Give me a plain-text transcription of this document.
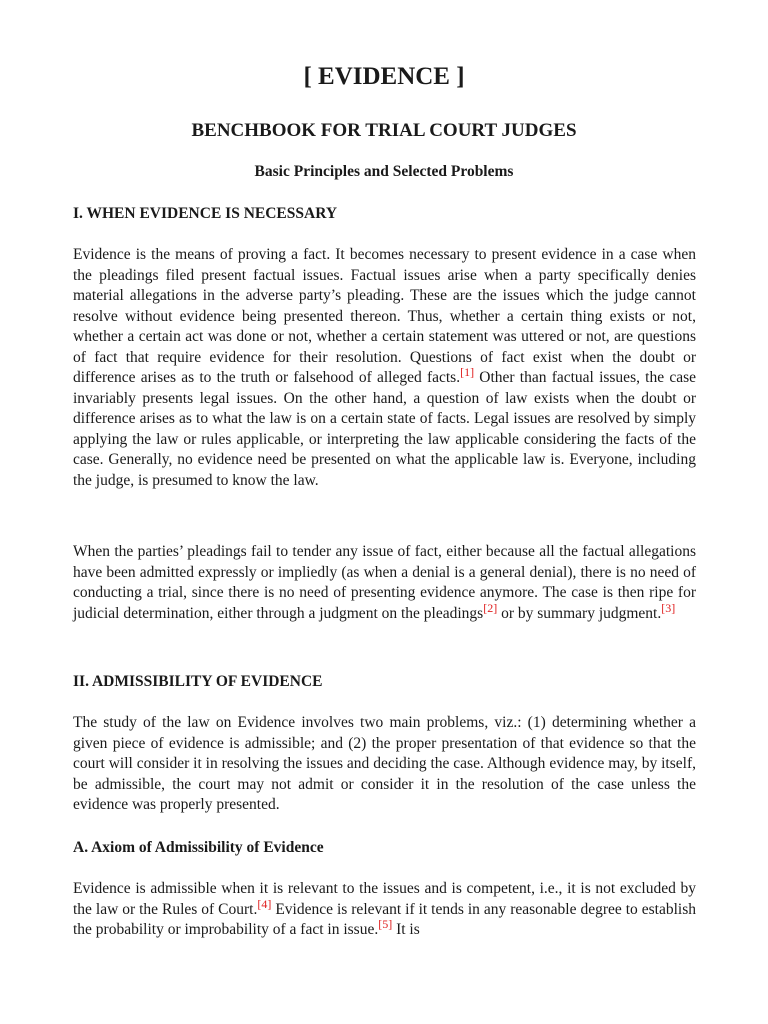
[ EVIDENCE ]
BENCHBOOK FOR TRIAL COURT JUDGES
Basic Principles and Selected Problems
I. WHEN EVIDENCE IS NECESSARY

Evidence is the means of proving a fact. It becomes necessary to present evidence in a case when the pleadings filed present factual issues. Factual issues arise when a party specifically denies material allegations in the adverse party’s pleading. These are the issues which the judge cannot resolve without evidence being presented thereon. Thus, whether a certain thing exists or not, whether a certain act was done or not, whether a certain statement was uttered or not, are questions of fact that require evidence for their resolution. Questions of fact exist when the doubt or difference arises as to the truth or falsehood of alleged facts.[1] Other than factual issues, the case invariably presents legal issues. On the other hand, a question of law exists when the doubt or difference arises as to what the law is on a certain state of facts. Legal issues are resolved by simply applying the law or rules applicable, or interpreting the law applicable considering the facts of the case. Generally, no evidence need be presented on what the applicable law is. Everyone, including the judge, is presumed to know the law.

When the parties’ pleadings fail to tender any issue of fact, either because all the factual allegations have been admitted expressly or impliedly (as when a denial is a general denial), there is no need of conducting a trial, since there is no need of presenting evidence anymore. The case is then ripe for judicial determination, either through a judgment on the pleadings[2] or by summary judgment.[3]

II. ADMISSIBILITY OF EVIDENCE

The study of the law on Evidence involves two main problems, viz.: (1) determining whether a given piece of evidence is admissible; and (2) the proper presentation of that evidence so that the court will consider it in resolving the issues and deciding the case. Although evidence may, by itself, be admissible, the court may not admit or consider it in the resolution of the case unless the evidence was properly presented.

A. Axiom of Admissibility of Evidence

Evidence is admissible when it is relevant to the issues and is competent, i.e., it is not excluded by the law or the Rules of Court.[4] Evidence is relevant if it tends in any reasonable degree to establish the probability or improbability of a fact in issue.[5] It is
